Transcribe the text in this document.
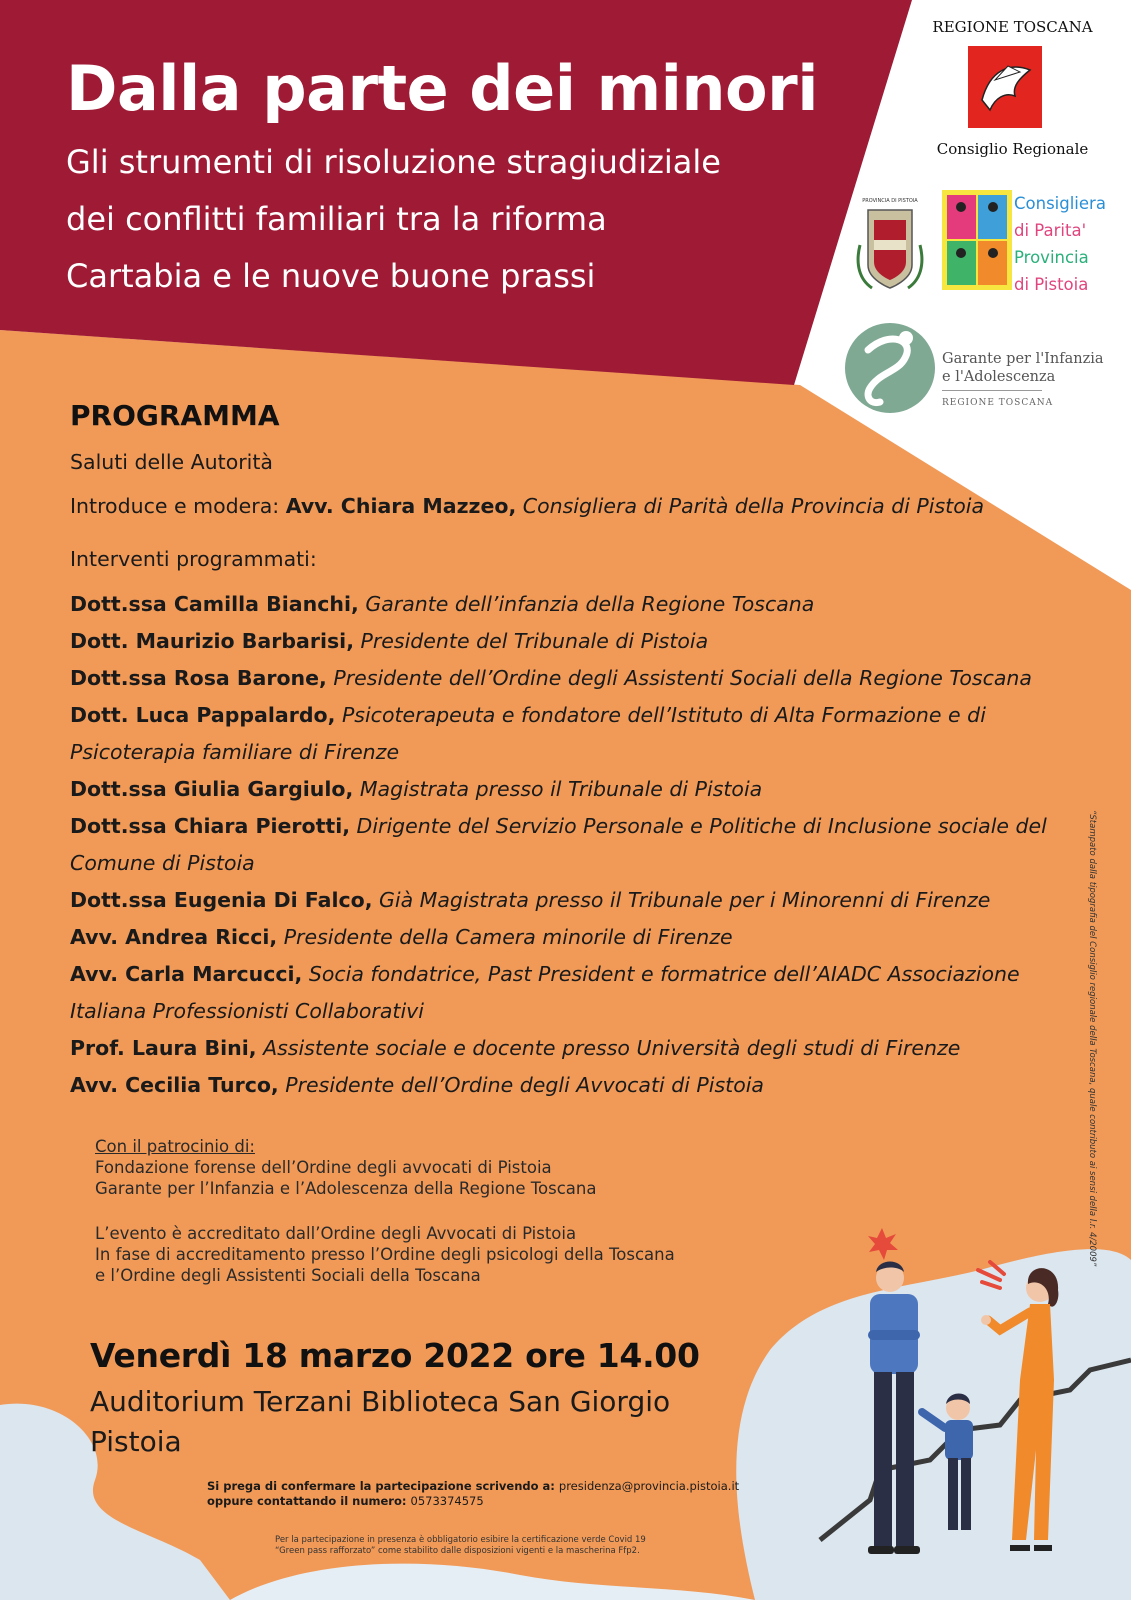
Dalla parte dei minori
Gli strumenti di risoluzione stragiudiziale
dei conflitti familiari tra la riforma
Cartabia e le nuove buone prassi
REGIONE TOSCANA
Consiglio Regionale
PROVINCIA DI PISTOIA	Consigliera
di Parita'
Provincia
di Pistoia
Garante per l'Infanzia
e l'Adolescenza
REGIONE TOSCANA
PROGRAMMA
Saluti delle Autorità
Introduce e modera: Avv. Chiara Mazzeo, Consigliera di Parità della Provincia di Pistoia
Interventi programmati:
Dott.ssa Camilla Bianchi, Garante dell’infanzia della Regione Toscana
Dott. Maurizio Barbarisi, Presidente del Tribunale di Pistoia
Dott.ssa Rosa Barone, Presidente dell’Ordine degli Assistenti Sociali della Regione Toscana
Dott. Luca Pappalardo, Psicoterapeuta e fondatore dell’Istituto di Alta Formazione e di
Psicoterapia familiare di Firenze
Dott.ssa Giulia Gargiulo, Magistrata presso il Tribunale di Pistoia
Dott.ssa Chiara Pierotti, Dirigente del Servizio Personale e Politiche di Inclusione sociale del
Comune di Pistoia
Dott.ssa Eugenia Di Falco, Già Magistrata presso il Tribunale per i Minorenni di Firenze
Avv. Andrea Ricci, Presidente della Camera minorile di Firenze
Avv. Carla Marcucci, Socia fondatrice, Past President e formatrice dell’AIADC Associazione
Italiana Professionisti Collaborativi
Prof. Laura Bini, Assistente sociale e docente presso Università degli studi di Firenze
Avv. Cecilia Turco, Presidente dell’Ordine degli Avvocati di Pistoia
Con il patrocinio di:
Fondazione forense dell’Ordine degli avvocati di Pistoia
Garante per l’Infanzia e l’Adolescenza della Regione Toscana
L’evento è accreditato dall’Ordine degli Avvocati di Pistoia
In fase di accreditamento presso l’Ordine degli psicologi della Toscana
e l’Ordine degli Assistenti Sociali della Toscana
Venerdì 18 marzo 2022 ore 14.00
Auditorium Terzani Biblioteca San Giorgio
Pistoia
Si prega di confermare la partecipazione scrivendo a: presidenza@provincia.pistoia.it
oppure contattando il numero: 0573374575
Per la partecipazione in presenza è obbligatorio esibire la certificazione verde Covid 19
“Green pass rafforzato” come stabilito dalle disposizioni vigenti e la mascherina Ffp2.
“Stampato dalla tipografia del Consiglio regionale della Toscana, quale contributo ai sensi della l.r. 4/2009”
